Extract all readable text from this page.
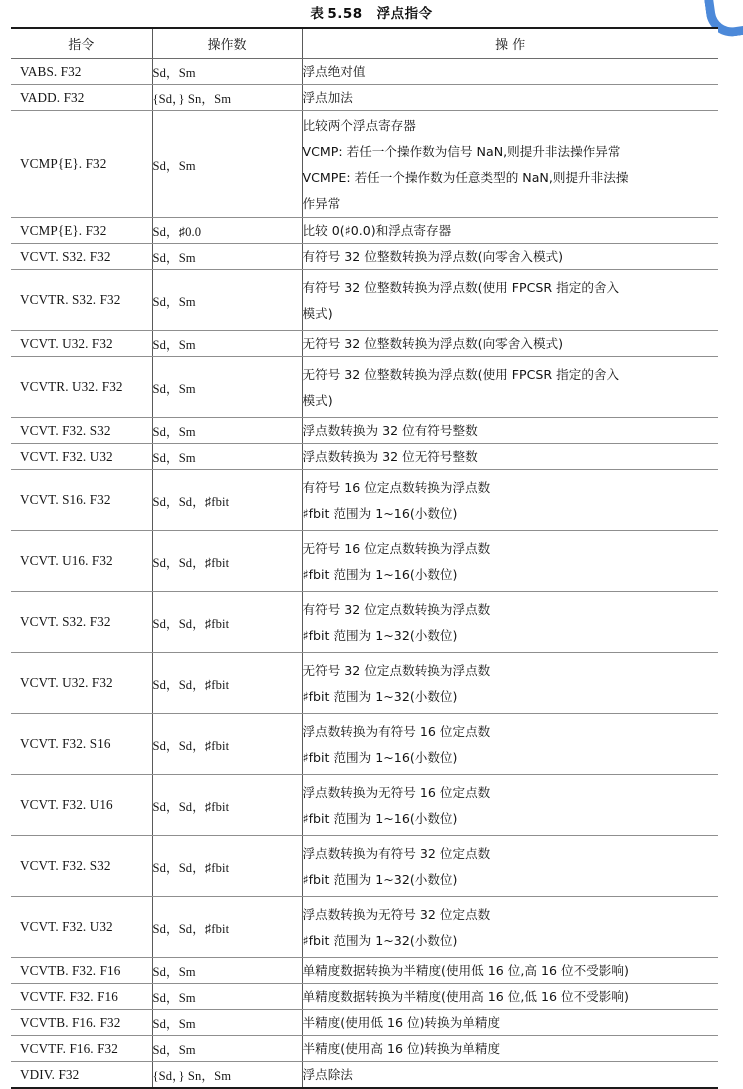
表 5.58 浮点指令
指令	操作数	操 作
VABS. F32	Sd，Sm	浮点绝对值

VADD. F32	{Sd，} Sn，Sm	浮点加法

VCMP{E}. F32	Sd，Sm	比较两个浮点寄存器
VCMP: 若任一个操作数为信号 NaN,则提升非法操作异常
VCMPE: 若任一个操作数为任意类型的 NaN,则提升非法操
作异常

VCMP{E}. F32	Sd，♯0.0	比较 0(♯0.0)和浮点寄存器

VCVT. S32. F32	Sd，Sm	有符号 32 位整数转换为浮点数(向零舍入模式)

VCVTR. S32. F32	Sd，Sm	有符号 32 位整数转换为浮点数(使用 FPCSR 指定的舍入
模式)

VCVT. U32. F32	Sd，Sm	无符号 32 位整数转换为浮点数(向零舍入模式)

VCVTR. U32. F32	Sd，Sm	无符号 32 位整数转换为浮点数(使用 FPCSR 指定的舍入
模式)

VCVT. F32. S32	Sd，Sm	浮点数转换为 32 位有符号整数

VCVT. F32. U32	Sd，Sm	浮点数转换为 32 位无符号整数

VCVT. S16. F32	Sd，Sd，♯fbit	有符号 16 位定点数转换为浮点数
♯fbit 范围为 1~16(小数位)

VCVT. U16. F32	Sd，Sd，♯fbit	无符号 16 位定点数转换为浮点数
♯fbit 范围为 1~16(小数位)

VCVT. S32. F32	Sd，Sd，♯fbit	有符号 32 位定点数转换为浮点数
♯fbit 范围为 1~32(小数位)

VCVT. U32. F32	Sd，Sd，♯fbit	无符号 32 位定点数转换为浮点数
♯fbit 范围为 1~32(小数位)

VCVT. F32. S16	Sd，Sd，♯fbit	浮点数转换为有符号 16 位定点数
♯fbit 范围为 1~16(小数位)

VCVT. F32. U16	Sd，Sd，♯fbit	浮点数转换为无符号 16 位定点数
♯fbit 范围为 1~16(小数位)

VCVT. F32. S32	Sd，Sd，♯fbit	浮点数转换为有符号 32 位定点数
♯fbit 范围为 1~32(小数位)

VCVT. F32. U32	Sd，Sd，♯fbit	浮点数转换为无符号 32 位定点数
♯fbit 范围为 1~32(小数位)

VCVTB. F32. F16	Sd，Sm	单精度数据转换为半精度(使用低 16 位,高 16 位不受影响)

VCVTF. F32. F16	Sd，Sm	单精度数据转换为半精度(使用高 16 位,低 16 位不受影响)

VCVTB. F16. F32	Sd，Sm	半精度(使用低 16 位)转换为单精度

VCVTF. F16. F32	Sd，Sm	半精度(使用高 16 位)转换为单精度

VDIV. F32	{Sd，} Sn，Sm	浮点除法
